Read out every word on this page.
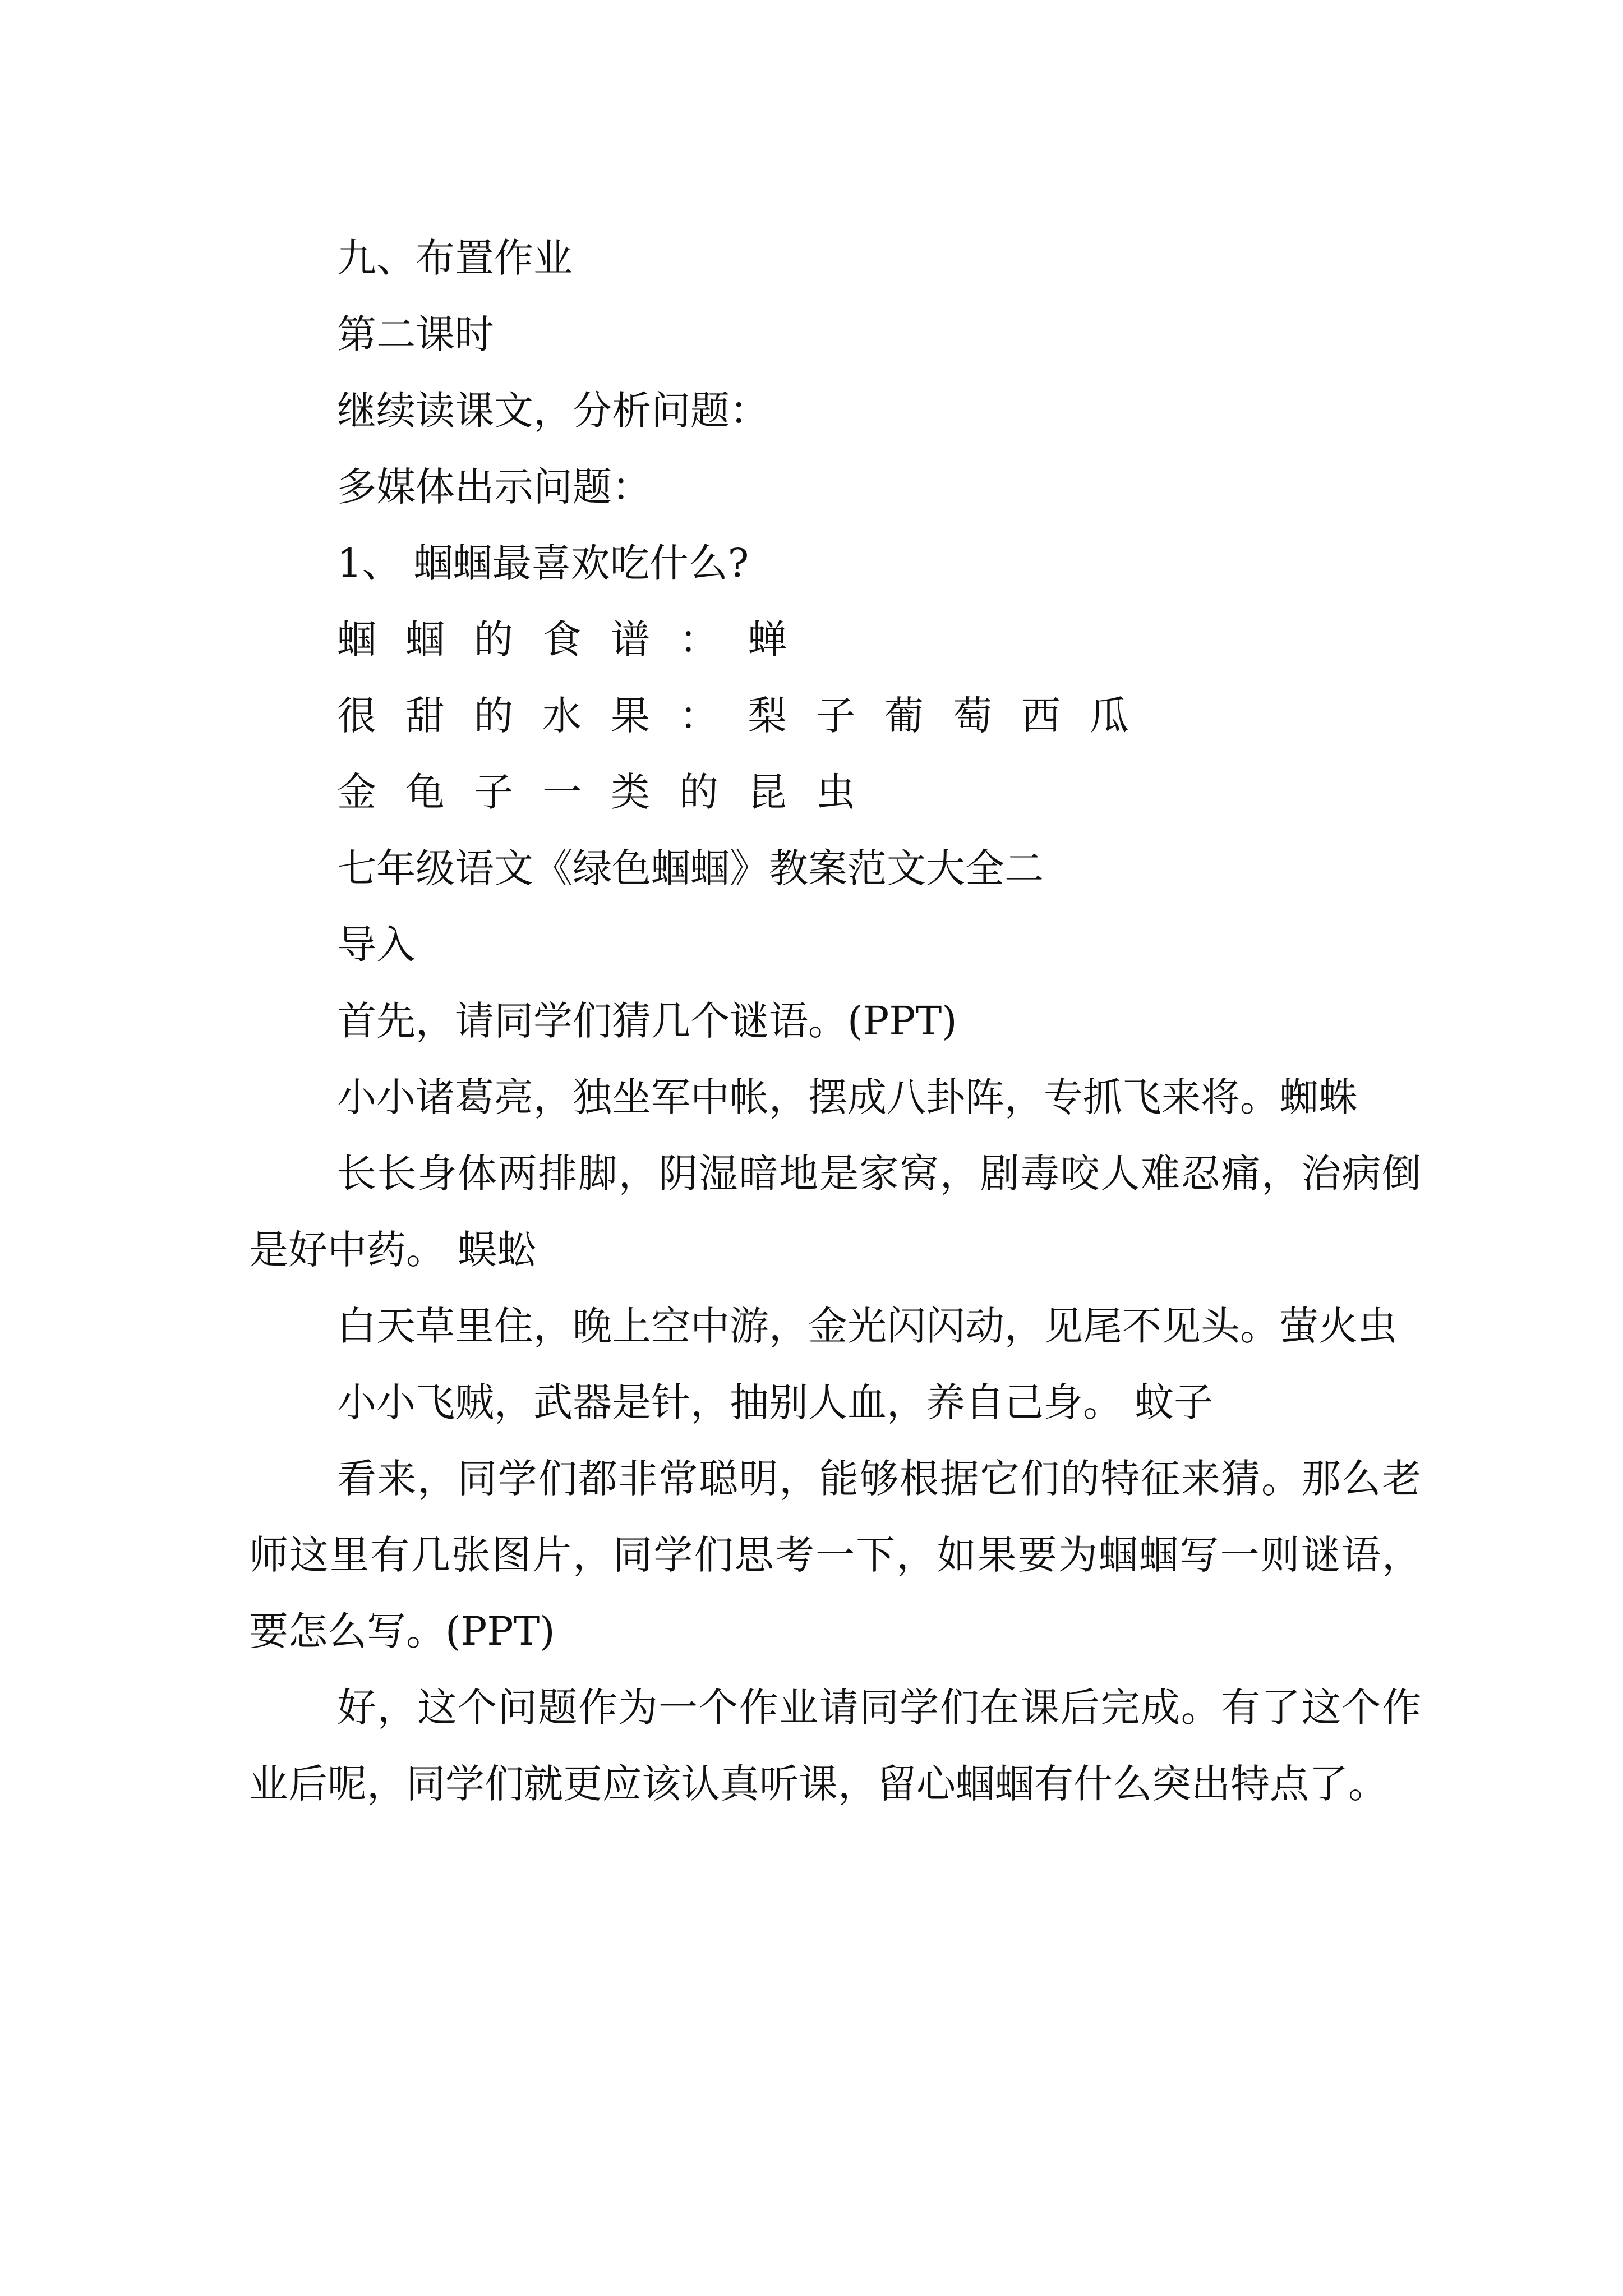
九、布置作业

第二课时

继续读课文，分析问题：

多媒体出示问题：

1、 蝈蝈最喜欢吃什么?

蝈蝈的食谱：蝉

很甜的水果：梨子葡萄西瓜

金龟子一类的昆虫

七年级语文《绿色蝈蝈》教案范文大全二

导入

首先，请同学们猜几个谜语。(PPT)

小小诸葛亮，独坐军中帐，摆成八卦阵，专抓飞来将。蜘蛛

长长身体两排脚，阴湿暗地是家窝，剧毒咬人难忍痛，治病倒是好中药。 蜈蚣

白天草里住，晚上空中游，金光闪闪动，见尾不见头。萤火虫

小小飞贼，武器是针，抽别人血，养自己身。 蚊子

看来，同学们都非常聪明，能够根据它们的特征来猜。那么老师这里有几张图片，同学们思考一下，如果要为蝈蝈写一则谜语，要怎么写。(PPT)

好，这个问题作为一个作业请同学们在课后完成。有了这个作业后呢，同学们就更应该认真听课，留心蝈蝈有什么突出特点了。
